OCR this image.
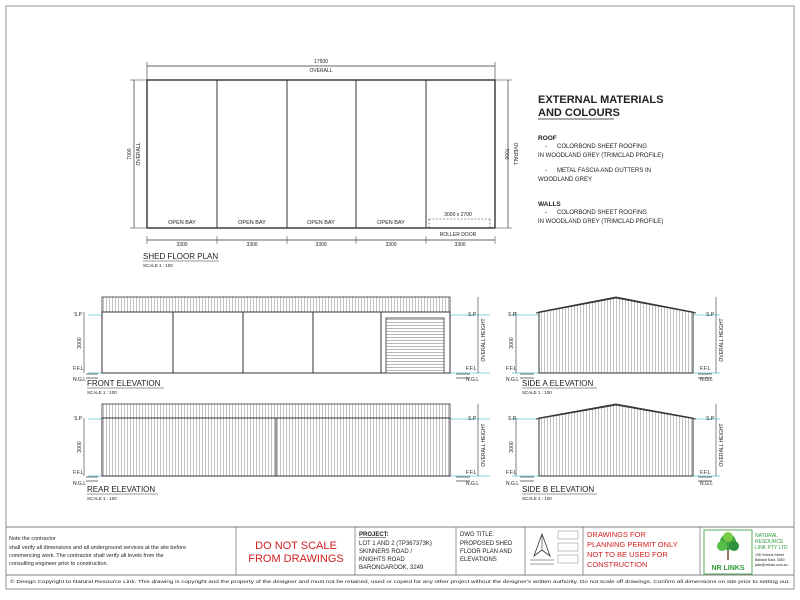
17500
OVERALL
3000 x 2700
ROLLER DOOR
OPEN BAY	OPEN BAY	OPEN BAY	OPEN BAY
7000 OVERALL	7000 OVERALL
3300	3300	3300	3300	3300
SHED FLOOR PLAN
SCALE 1 : 100
EXTERNAL MATERIALS
AND COLOURS
ROOF
- COLORBOND SHEET ROOFING
IN WOODLAND GREY (TRIMCLAD PROFILE)
- METAL FASCIA AND GUTTERS IN
WOODLAND GREY
WALLS
- COLORBOND SHEET ROOFING
IN WOODLAND GREY (TRIMCLAD PROFILE)
S.P
3000
F.F.L
N.G.L
S.P
OVERALL HEIGHT
F.F.L
N.G.L
FRONT ELEVATION
SCALE 1 : 100
S.P
3000
F.F.L
N.G.L
S.P
OVERALL HEIGHT
F.F.L
N.G.L
REAR ELEVATION
SCALE 1 : 100
S.P
3000
F.F.L
N.G.L
S.P
OVERALL HEIGHT
F.F.L
N.G.L
SIDE A ELEVATION
SCALE 1 : 100
S.P
3000
F.F.L
N.G.L
S.P
OVERALL HEIGHT
F.F.L
N.G.L
SIDE B ELEVATION
SCALE 1 : 100
Note the contractor
shall verify all dimensions and all underground services at the site before
commencing work. The contractor shall verify all levels from the
consulting engineer prior to construction.
DO NOT SCALE
FROM DRAWINGS
PROJECT:
LOT 1 AND 2 (TP367373K)
SKINNERS ROAD /
KNIGHTS ROAD
BARONGAROOK, 3249
DWG TITLE:
PROPOSED SHED
FLOOR PLAN AND
ELEVATIONS
DRAWINGS FOR
PLANNING PERMIT ONLY
NOT TO BE USED FOR
CONSTRUCTION	NR LINKS
NATURAL
RESOURCE
LINK PTY LTD
195 Victoria Street
Ballarat East, 3350
jake@nrlinks.com.au
© Design Copyright to Natural Resource Link. This drawing is copyright and the property of the designer and must not be retained, used or copied for any other project without the designer's written authority. Do not scale off drawings. Confirm all dimensions on site prior to setting out.
